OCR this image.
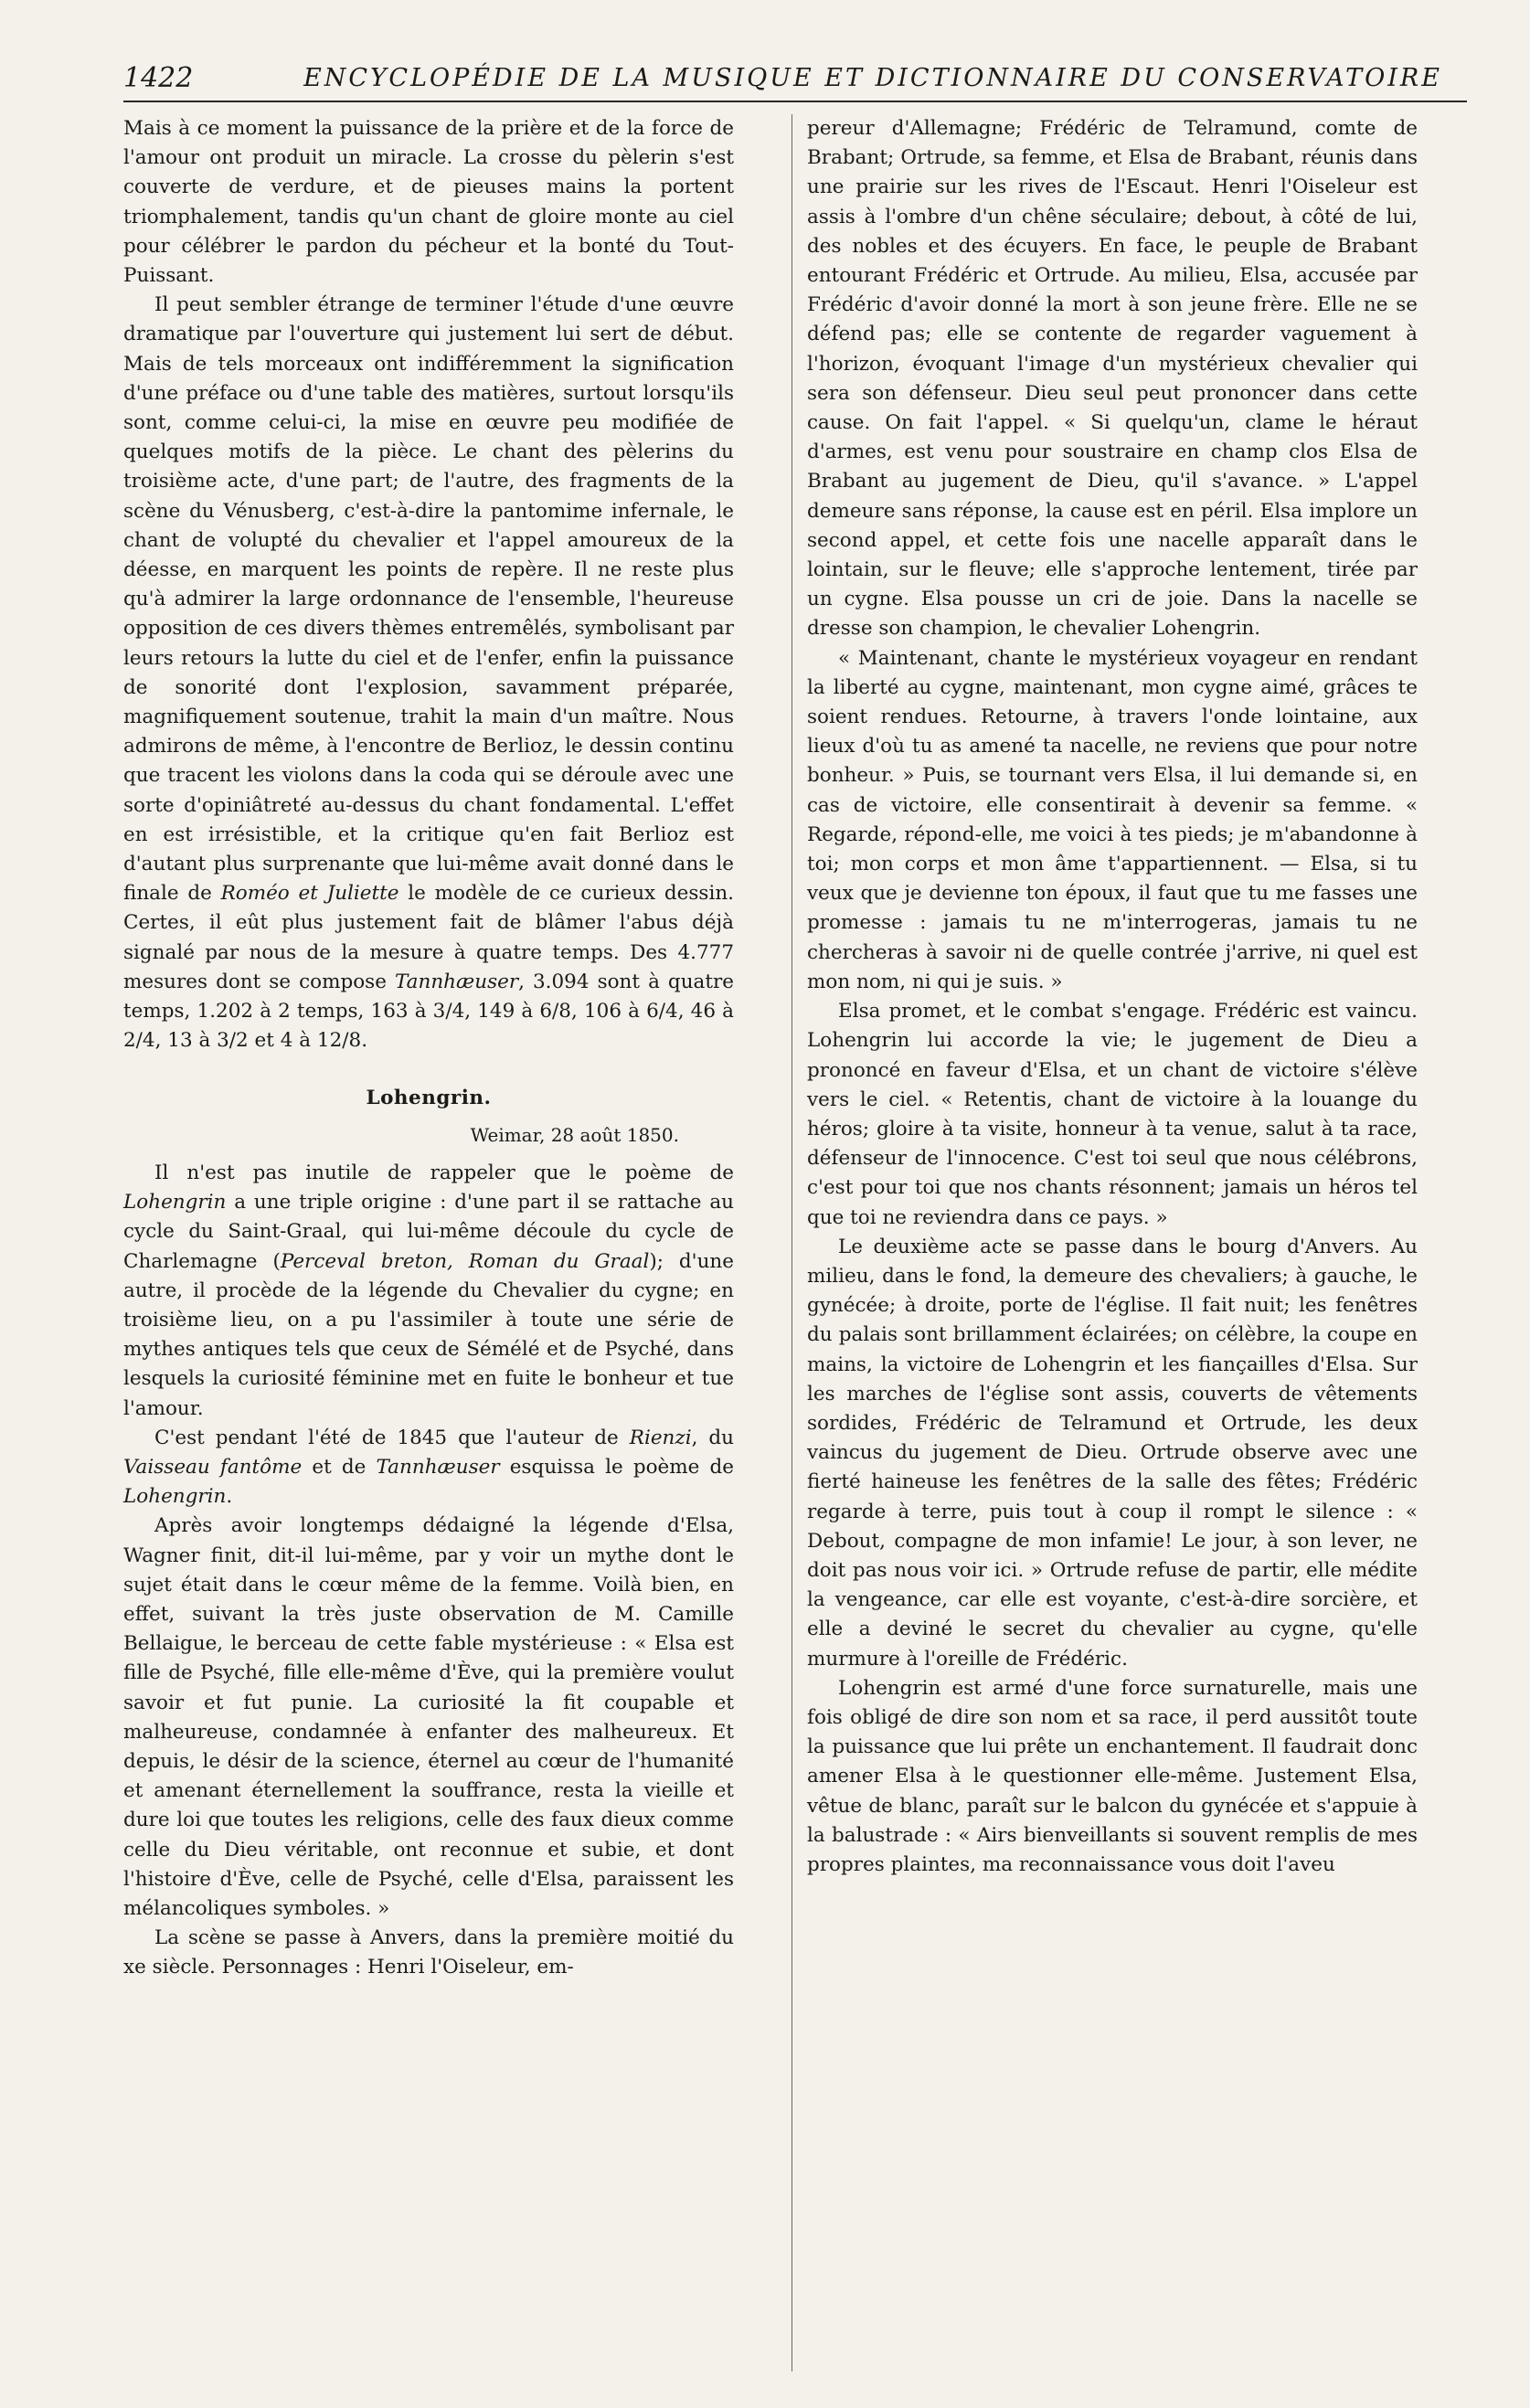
1422	ENCYCLOPÉDIE DE LA MUSIQUE ET DICTIONNAIRE DU CONSERVATOIRE

Mais à ce moment la puissance de la prière et de la force de l'amour ont produit un miracle. La crosse du pèlerin s'est couverte de verdure, et de pieuses mains la portent triomphalement, tandis qu'un chant de gloire monte au ciel pour célébrer le pardon du pécheur et la bonté du Tout-Puissant.

Il peut sembler étrange de terminer l'étude d'une œuvre dramatique par l'ouverture qui justement lui sert de début. Mais de tels morceaux ont indifféremment la signification d'une préface ou d'une table des matières, surtout lorsqu'ils sont, comme celui-ci, la mise en œuvre peu modifiée de quelques motifs de la pièce. Le chant des pèlerins du troisième acte, d'une part; de l'autre, des fragments de la scène du Vénusberg, c'est-à-dire la pantomime infernale, le chant de volupté du chevalier et l'appel amoureux de la déesse, en marquent les points de repère. Il ne reste plus qu'à admirer la large ordonnance de l'ensemble, l'heureuse opposition de ces divers thèmes entremêlés, symbolisant par leurs retours la lutte du ciel et de l'enfer, enfin la puissance de sonorité dont l'explosion, savamment préparée, magnifiquement soutenue, trahit la main d'un maître. Nous admirons de même, à l'encontre de Berlioz, le dessin continu que tracent les violons dans la coda qui se déroule avec une sorte d'opiniâtreté au-dessus du chant fondamental. L'effet en est irrésistible, et la critique qu'en fait Berlioz est d'autant plus surprenante que lui-même avait donné dans le finale de Roméo et Juliette le modèle de ce curieux dessin. Certes, il eût plus justement fait de blâmer l'abus déjà signalé par nous de la mesure à quatre temps. Des 4.777 mesures dont se compose Tannhæuser, 3.094 sont à quatre temps, 1.202 à 2 temps, 163 à 3/4, 149 à 6/8, 106 à 6/4, 46 à 2/4, 13 à 3/2 et 4 à 12/8.

Lohengrin.
Weimar, 28 août 1850.

Il n'est pas inutile de rappeler que le poème de Lohengrin a une triple origine : d'une part il se rattache au cycle du Saint-Graal, qui lui-même découle du cycle de Charlemagne (Perceval breton, Roman du Graal); d'une autre, il procède de la légende du Chevalier du cygne; en troisième lieu, on a pu l'assimiler à toute une série de mythes antiques tels que ceux de Sémélé et de Psyché, dans lesquels la curiosité féminine met en fuite le bonheur et tue l'amour.

C'est pendant l'été de 1845 que l'auteur de Rienzi, du Vaisseau fantôme et de Tannhæuser esquissa le poème de Lohengrin.

Après avoir longtemps dédaigné la légende d'Elsa, Wagner finit, dit-il lui-même, par y voir un mythe dont le sujet était dans le cœur même de la femme. Voilà bien, en effet, suivant la très juste observation de M. Camille Bellaigue, le berceau de cette fable mystérieuse : « Elsa est fille de Psyché, fille elle-même d'Ève, qui la première voulut savoir et fut punie. La curiosité la fit coupable et malheureuse, condamnée à enfanter des malheureux. Et depuis, le désir de la science, éternel au cœur de l'humanité et amenant éternellement la souffrance, resta la vieille et dure loi que toutes les religions, celle des faux dieux comme celle du Dieu véritable, ont reconnue et subie, et dont l'histoire d'Ève, celle de Psyché, celle d'Elsa, paraissent les mélancoliques symboles. »

La scène se passe à Anvers, dans la première moitié du xe siècle. Personnages : Henri l'Oiseleur, em-

pereur d'Allemagne; Frédéric de Telramund, comte de Brabant; Ortrude, sa femme, et Elsa de Brabant, réunis dans une prairie sur les rives de l'Escaut. Henri l'Oiseleur est assis à l'ombre d'un chêne séculaire; debout, à côté de lui, des nobles et des écuyers. En face, le peuple de Brabant entourant Frédéric et Ortrude. Au milieu, Elsa, accusée par Frédéric d'avoir donné la mort à son jeune frère. Elle ne se défend pas; elle se contente de regarder vaguement à l'horizon, évoquant l'image d'un mystérieux chevalier qui sera son défenseur. Dieu seul peut prononcer dans cette cause. On fait l'appel. « Si quelqu'un, clame le héraut d'armes, est venu pour soustraire en champ clos Elsa de Brabant au jugement de Dieu, qu'il s'avance. » L'appel demeure sans réponse, la cause est en péril. Elsa implore un second appel, et cette fois une nacelle apparaît dans le lointain, sur le fleuve; elle s'approche lentement, tirée par un cygne. Elsa pousse un cri de joie. Dans la nacelle se dresse son champion, le chevalier Lohengrin.

« Maintenant, chante le mystérieux voyageur en rendant la liberté au cygne, maintenant, mon cygne aimé, grâces te soient rendues. Retourne, à travers l'onde lointaine, aux lieux d'où tu as amené ta nacelle, ne reviens que pour notre bonheur. » Puis, se tournant vers Elsa, il lui demande si, en cas de victoire, elle consentirait à devenir sa femme. « Regarde, répond-elle, me voici à tes pieds; je m'abandonne à toi; mon corps et mon âme t'appartiennent. — Elsa, si tu veux que je devienne ton époux, il faut que tu me fasses une promesse : jamais tu ne m'interrogeras, jamais tu ne chercheras à savoir ni de quelle contrée j'arrive, ni quel est mon nom, ni qui je suis. »

Elsa promet, et le combat s'engage. Frédéric est vaincu. Lohengrin lui accorde la vie; le jugement de Dieu a prononcé en faveur d'Elsa, et un chant de victoire s'élève vers le ciel. « Retentis, chant de victoire à la louange du héros; gloire à ta visite, honneur à ta venue, salut à ta race, défenseur de l'innocence. C'est toi seul que nous célébrons, c'est pour toi que nos chants résonnent; jamais un héros tel que toi ne reviendra dans ce pays. »

Le deuxième acte se passe dans le bourg d'Anvers. Au milieu, dans le fond, la demeure des chevaliers; à gauche, le gynécée; à droite, porte de l'église. Il fait nuit; les fenêtres du palais sont brillamment éclairées; on célèbre, la coupe en mains, la victoire de Lohengrin et les fiançailles d'Elsa. Sur les marches de l'église sont assis, couverts de vêtements sordides, Frédéric de Telramund et Ortrude, les deux vaincus du jugement de Dieu. Ortrude observe avec une fierté haineuse les fenêtres de la salle des fêtes; Frédéric regarde à terre, puis tout à coup il rompt le silence : « Debout, compagne de mon infamie! Le jour, à son lever, ne doit pas nous voir ici. » Ortrude refuse de partir, elle médite la vengeance, car elle est voyante, c'est-à-dire sorcière, et elle a deviné le secret du chevalier au cygne, qu'elle murmure à l'oreille de Frédéric.

Lohengrin est armé d'une force surnaturelle, mais une fois obligé de dire son nom et sa race, il perd aussitôt toute la puissance que lui prête un enchantement. Il faudrait donc amener Elsa à le questionner elle-même. Justement Elsa, vêtue de blanc, paraît sur le balcon du gynécée et s'appuie à la balustrade : « Airs bienveillants si souvent remplis de mes propres plaintes, ma reconnaissance vous doit l'aveu
